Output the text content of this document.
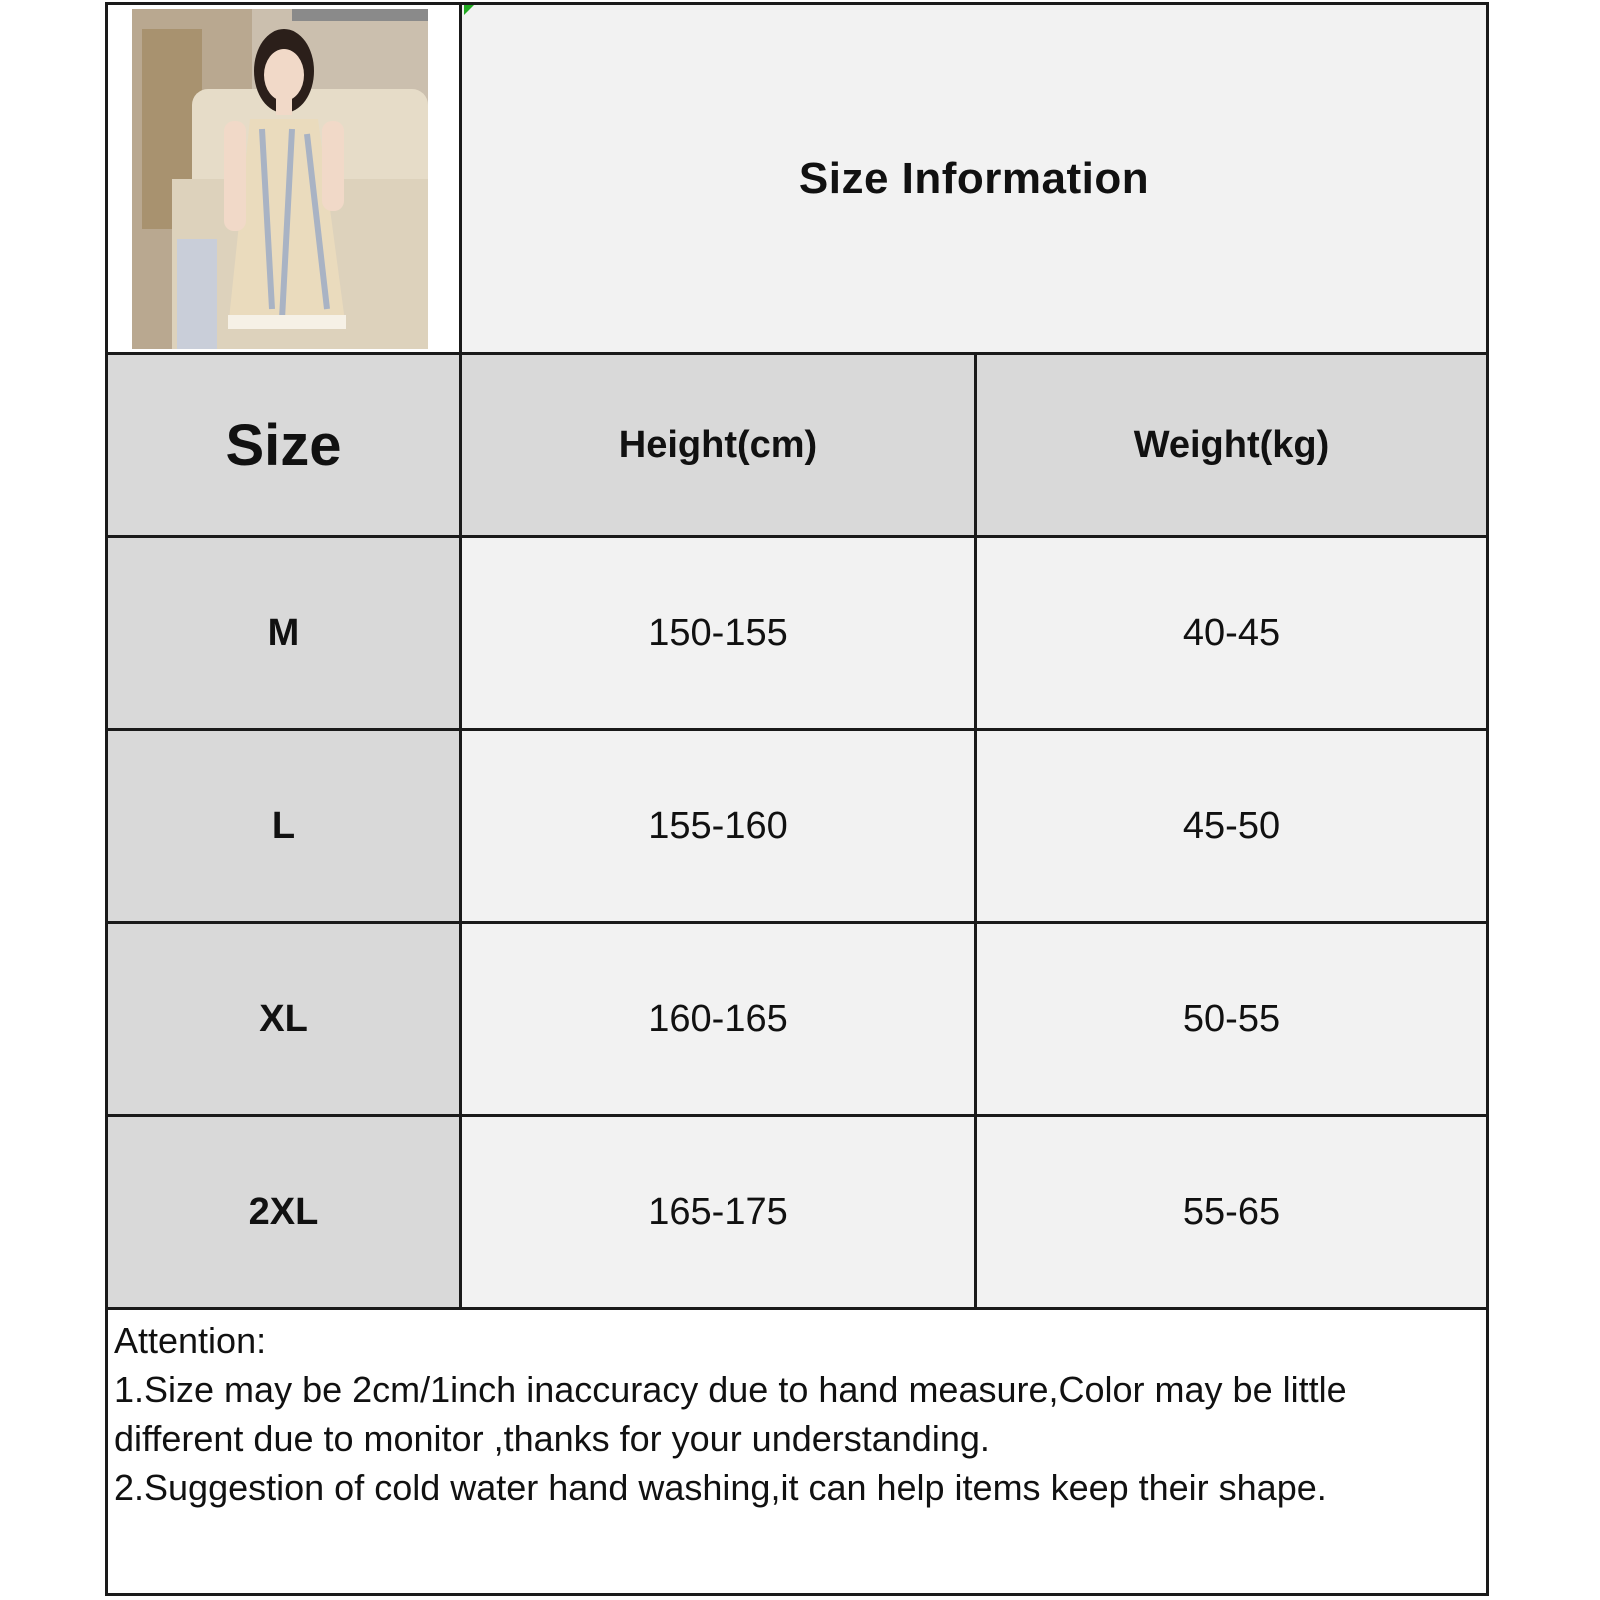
Size Information
Size	Height(cm)	Weight(kg)
M	150-155	40-45
L	155-160	45-50
XL	160-165	50-55
2XL	165-175	55-65

Attention:

1.Size may be 2cm/1inch inaccuracy due to hand measure,Color may be little different due to monitor ,thanks for your understanding.

2.Suggestion of cold water hand washing,it can help items keep their shape.
